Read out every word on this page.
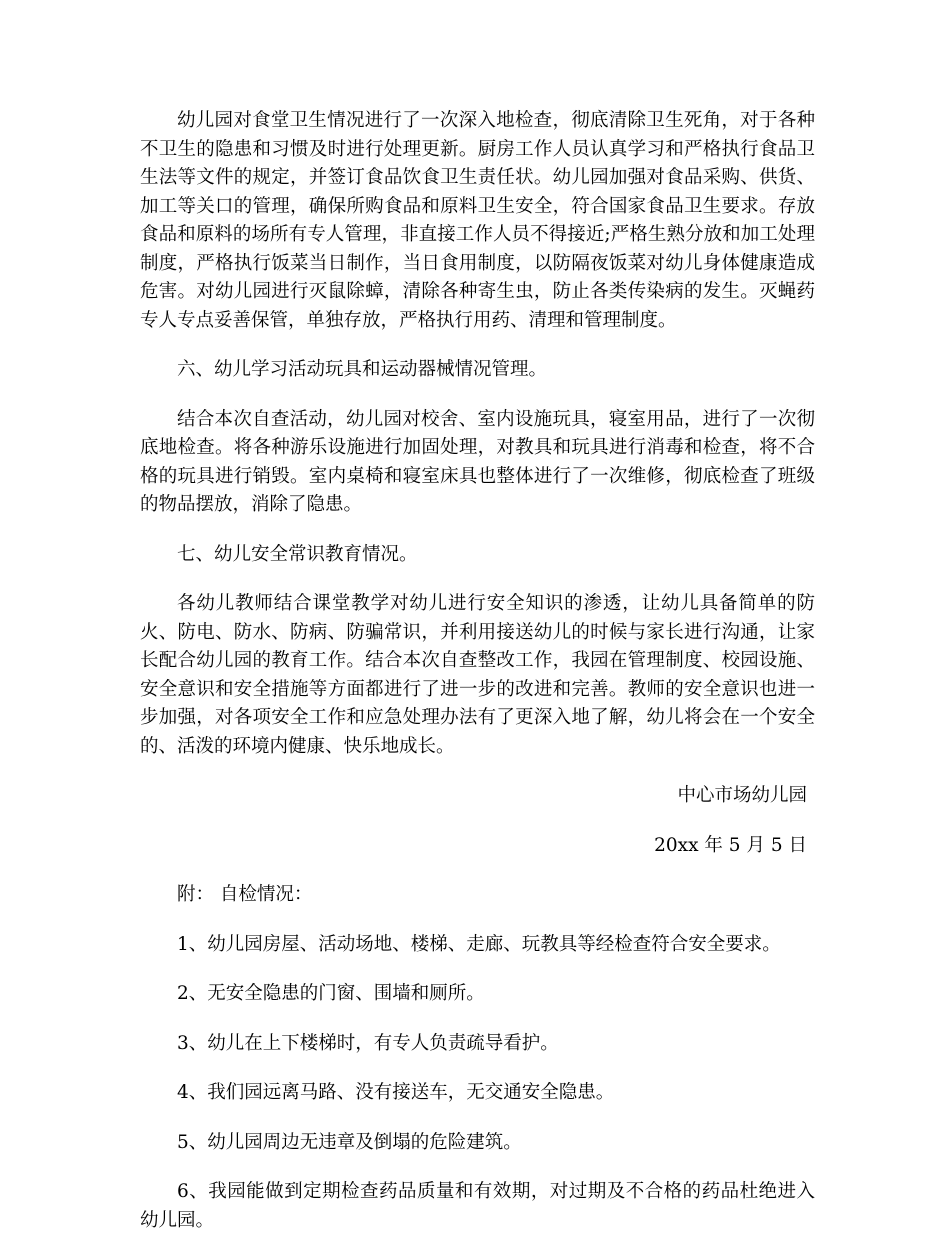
幼儿园对食堂卫生情况进行了一次深入地检查，彻底清除卫生死角，对于各种不卫生的隐患和习惯及时进行处理更新。厨房工作人员认真学习和严格执行食品卫生法等文件的规定，并签订食品饮食卫生责任状。幼儿园加强对食品采购、供货、加工等关口的管理，确保所购食品和原料卫生安全，符合国家食品卫生要求。存放食品和原料的场所有专人管理，非直接工作人员不得接近;严格生熟分放和加工处理制度，严格执行饭菜当日制作，当日食用制度，以防隔夜饭菜对幼儿身体健康造成危害。对幼儿园进行灭鼠除蟑，清除各种寄生虫，防止各类传染病的发生。灭蝇药专人专点妥善保管，单独存放，严格执行用药、清理和管理制度。

六、幼儿学习活动玩具和运动器械情况管理。

结合本次自查活动，幼儿园对校舍、室内设施玩具，寝室用品，进行了一次彻底地检查。将各种游乐设施进行加固处理，对教具和玩具进行消毒和检查，将不合格的玩具进行销毁。室内桌椅和寝室床具也整体进行了一次维修，彻底检查了班级的物品摆放，消除了隐患。

七、幼儿安全常识教育情况。

各幼儿教师结合课堂教学对幼儿进行安全知识的渗透，让幼儿具备简单的防火、防电、防水、防病、防骗常识，并利用接送幼儿的时候与家长进行沟通，让家长配合幼儿园的教育工作。结合本次自查整改工作，我园在管理制度、校园设施、安全意识和安全措施等方面都进行了进一步的改进和完善。教师的安全意识也进一步加强，对各项安全工作和应急处理办法有了更深入地了解，幼儿将会在一个安全的、活泼的环境内健康、快乐地成长。

中心市场幼儿园

20xx 年 5 月 5 日

附： 自检情况：

1、幼儿园房屋、活动场地、楼梯、走廊、玩教具等经检查符合安全要求。

2、无安全隐患的门窗、围墙和厕所。

3、幼儿在上下楼梯时，有专人负责疏导看护。

4、我们园远离马路、没有接送车，无交通安全隐患。

5、幼儿园周边无违章及倒塌的危险建筑。

6、我园能做到定期检查药品质量和有效期，对过期及不合格的药品杜绝进入幼儿园。
